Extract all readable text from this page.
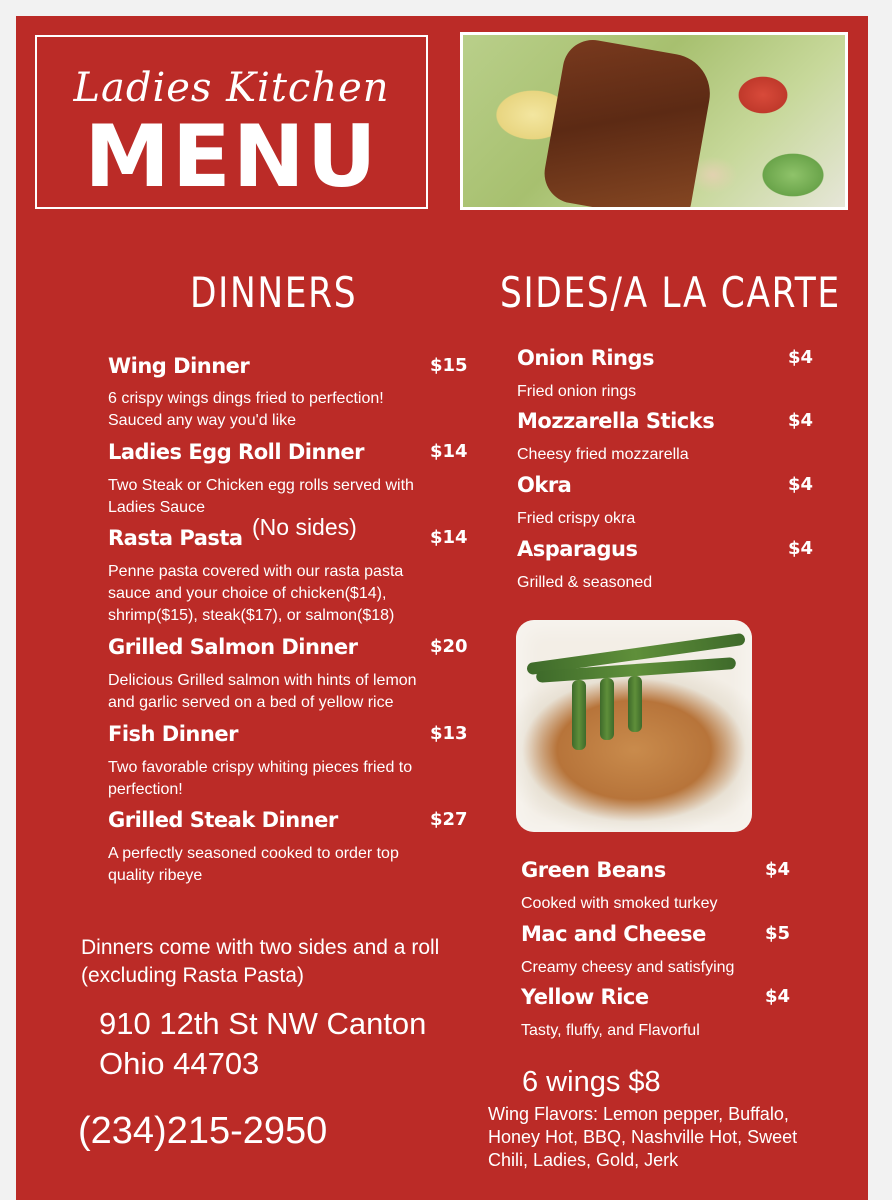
Ladies Kitchen
MENU
DINNERS	SIDES/A LA CARTE
Wing Dinner	$15
6 crispy wings dings fried to perfection!
Sauced any way you'd like
Ladies Egg Roll Dinner	$14
Two Steak or Chicken egg rolls served with
Ladies Sauce
Rasta Pasta (No sides)	$14
Penne pasta covered with our rasta pasta
sauce and your choice of chicken($14),
shrimp($15), steak($17), or salmon($18)
Grilled Salmon Dinner	$20
Delicious Grilled salmon with hints of lemon
and garlic served on a bed of yellow rice
Fish Dinner	$13
Two favorable crispy whiting pieces fried to
perfection!
Grilled Steak Dinner	$27
A perfectly seasoned cooked to order top
quality ribeye
Dinners come with two sides and a roll
(excluding Rasta Pasta)
Onion Rings	$4
Fried onion rings
Mozzarella Sticks	$4
Cheesy fried mozzarella
Okra	$4
Fried crispy okra
Asparagus	$4
Grilled & seasoned
Green Beans	$4
Cooked with smoked turkey
Mac and Cheese	$5
Creamy cheesy and satisfying
Yellow Rice	$4
Tasty, fluffy, and Flavorful
910 12th St NW Canton
Ohio 44703
(234)215-2950
6 wings $8
Wing Flavors: Lemon pepper, Buffalo,
Honey Hot, BBQ, Nashville Hot, Sweet
Chili, Ladies, Gold, Jerk
